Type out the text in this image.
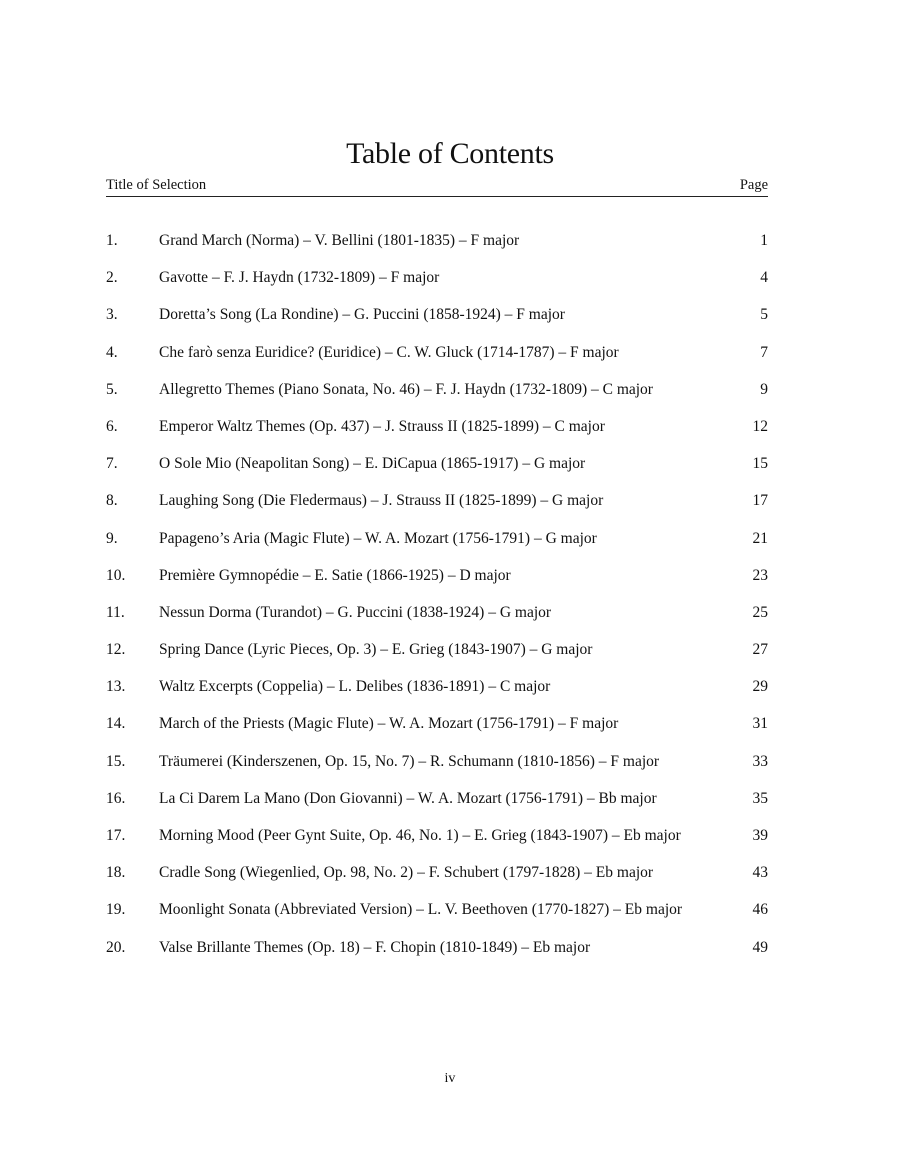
Table of Contents
Title of Selection	Page
1.	Grand March (Norma) – V. Bellini (1801-1835) – F major	1
2.	Gavotte – F. J. Haydn (1732-1809) – F major	4
3.	Doretta’s Song (La Rondine) – G. Puccini (1858-1924) – F major	5
4.	Che farò senza Euridice? (Euridice) – C. W. Gluck (1714-1787) – F major	7
5.	Allegretto Themes (Piano Sonata, No. 46) – F. J. Haydn (1732-1809) – C major	9
6.	Emperor Waltz Themes (Op. 437) – J. Strauss II (1825-1899) – C major	12
7.	O Sole Mio (Neapolitan Song) – E. DiCapua (1865-1917) – G major	15
8.	Laughing Song (Die Fledermaus) – J. Strauss II (1825-1899) – G major	17
9.	Papageno’s Aria (Magic Flute) – W. A. Mozart (1756-1791) – G major	21
10. Première Gymnopédie – E. Satie (1866-1925) – D major	23
11. Nessun Dorma (Turandot) – G. Puccini (1838-1924) – G major	25
12. Spring Dance (Lyric Pieces, Op. 3) – E. Grieg (1843-1907) – G major	27
13. Waltz Excerpts (Coppelia) – L. Delibes (1836-1891) – C major	29
14. March of the Priests (Magic Flute) – W. A. Mozart (1756-1791) – F major	31
15. Träumerei (Kinderszenen, Op. 15, No. 7) – R. Schumann (1810-1856) – F major	33
16. La Ci Darem La Mano (Don Giovanni) – W. A. Mozart (1756-1791) – Bb major	35
17. Morning Mood (Peer Gynt Suite, Op. 46, No. 1) – E. Grieg (1843-1907) – Eb major	39
18. Cradle Song (Wiegenlied, Op. 98, No. 2) – F. Schubert (1797-1828) – Eb major	43
19. Moonlight Sonata (Abbreviated Version) – L. V. Beethoven (1770-1827) – Eb major	46
20. Valse Brillante Themes (Op. 18) – F. Chopin (1810-1849) – Eb major	49
iv
